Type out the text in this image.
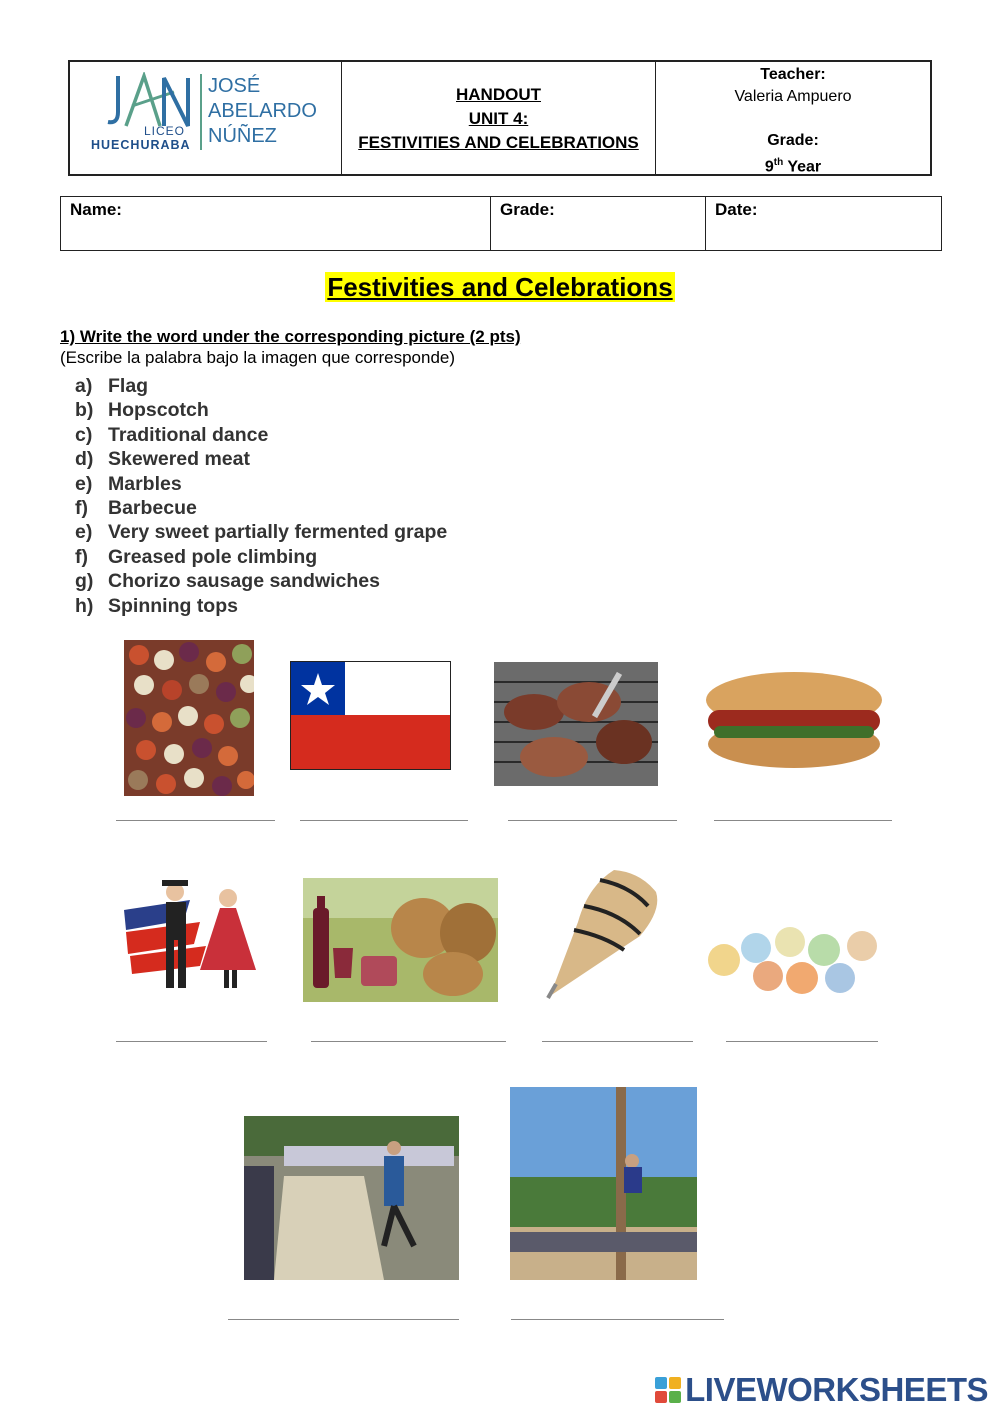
LICEO
HUECHURABA
JOSÉ
ABELARDO
NÚÑEZ
HANDOUT
UNIT 4:
FESTIVITIES AND CELEBRATIONS
Teacher:
Valeria Ampuero
Grade:
9th Year
Name:	Grade:	Date:
Festivities and Celebrations
1) Write the word under the corresponding picture (2 pts)
(Escribe la palabra bajo la imagen que corresponde)
a) Flag
b) Hopscotch
c) Traditional dance
d) Skewered meat
e) Marbles
f)	Barbecue
e) Very sweet partially fermented grape
f)	Greased pole climbing
g) Chorizo sausage sandwiches
h) Spinning tops
LIVEWORKSHEETS
